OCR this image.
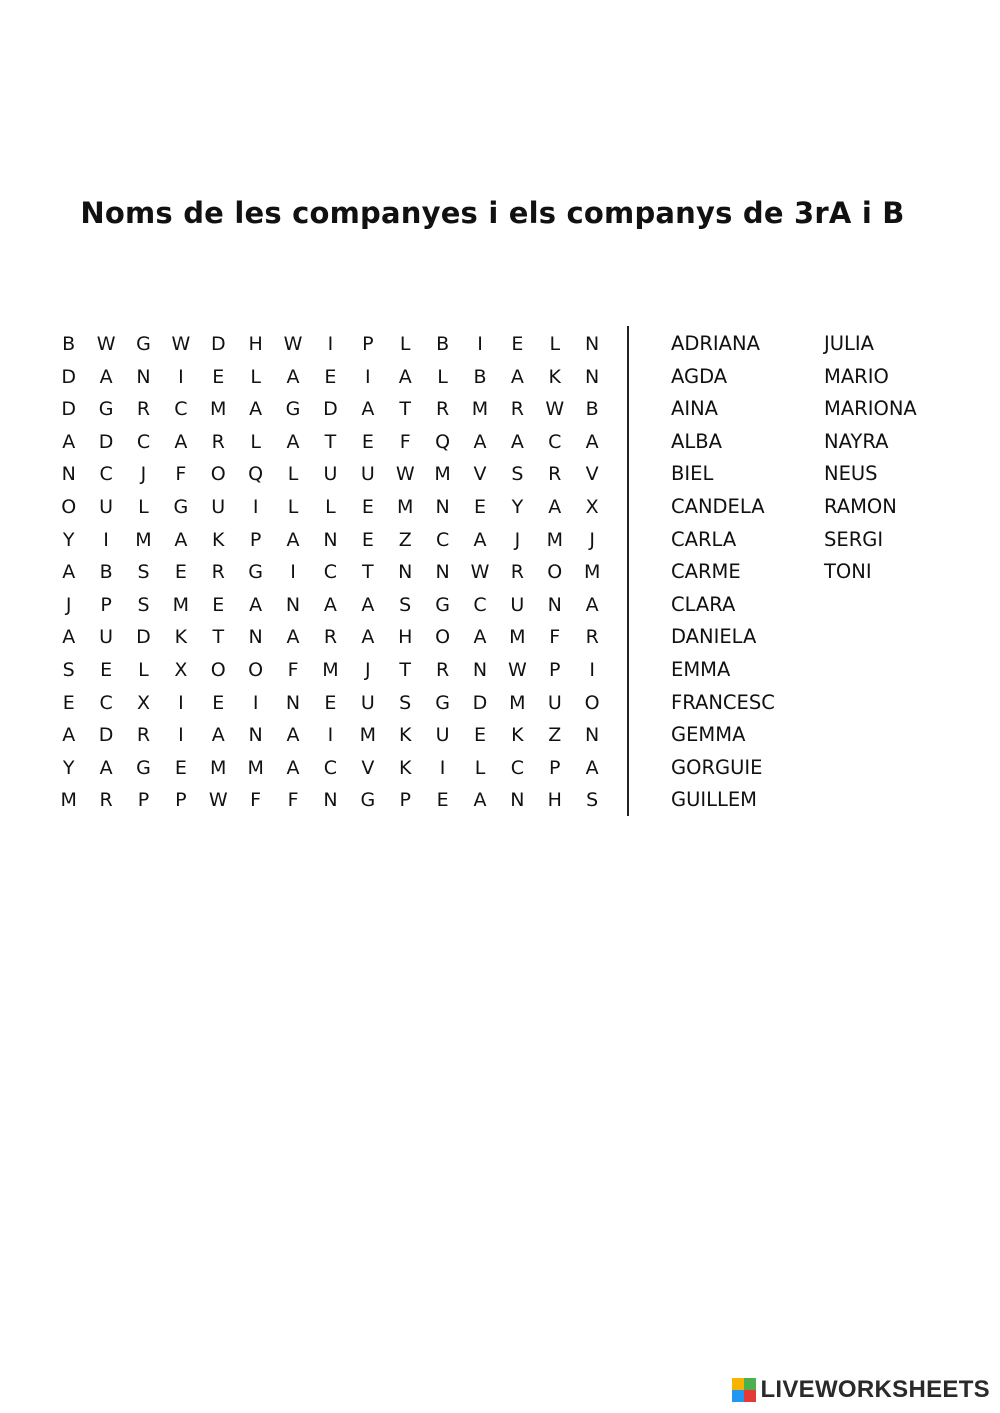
Noms de les companyes i els companys de 3rA i B
B	W	G	W	D	H	W	I	P	L	B	I	E	L	N
D	A	N	I	E	L	A	E	I	A	L	B	A	K	N
D	G	R	C	M	A	G	D	A	T	R	M	R	W	B
A	D	C	A	R	L	A	T	E	F	Q	A	A	C	A
N	C	J	F	O	Q	L	U	U	W	M	V	S	R	V
O	U	L	G	U	I	L	L	E	M	N	E	Y	A	X
Y	I	M	A	K	P	A	N	E	Z	C	A	J	M	J
A	B	S	E	R	G	I	C	T	N	N	W	R	O	M
J	P	S	M	E	A	N	A	A	S	G	C	U	N	A
A	U	D	K	T	N	A	R	A	H	O	A	M	F	R
S	E	L	X	O	O	F	M	J	T	R	N	W	P	I
E	C	X	I	E	I	N	E	U	S	G	D	M	U	O
A	D	R	I	A	N	A	I	M	K	U	E	K	Z	N
Y	A	G	E	M	M	A	C	V	K	I	L	C	P	A
M	R	P	P	W	F	F	N	G	P	E	A	N	H	S
ADRIANA
AGDA
AINA
ALBA
BIEL
CANDELA
CARLA
CARME
CLARA
DANIELA
EMMA
FRANCESC
GEMMA
GORGUIE
GUILLEM
JULIA
MARIO
MARIONA
NAYRA
NEUS
RAMON
SERGI
TONI
LIVEWORKSHEETS
